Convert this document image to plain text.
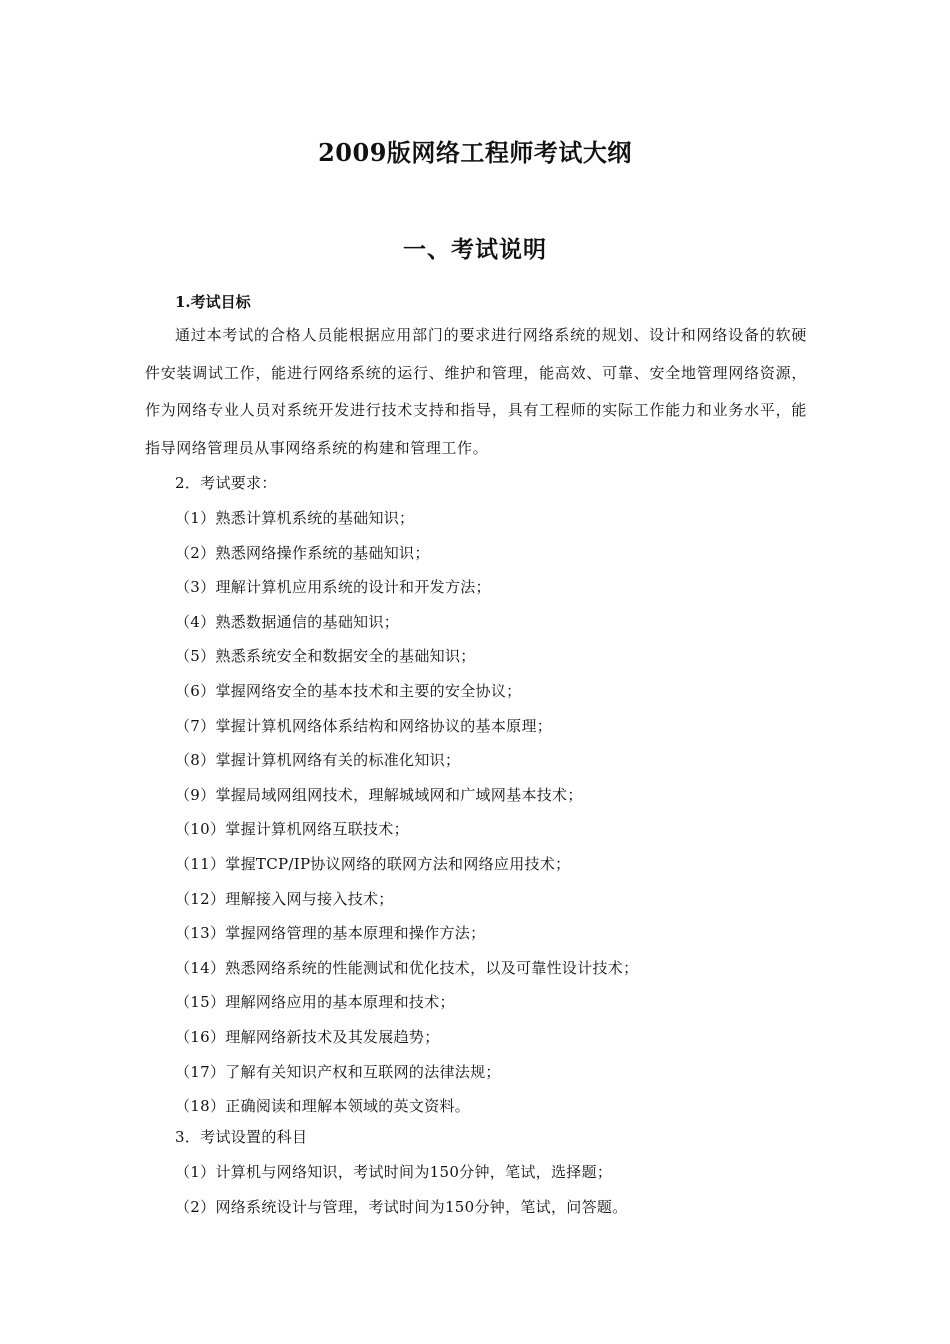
2009版网络工程师考试大纲
一、考试说明
1.考试目标
通过本考试的合格人员能根据应用部门的要求进行网络系统的规划、设计和网络设备的软硬件安装调试工作，能进行网络系统的运行、维护和管理，能高效、可靠、安全地管理网络资源，作为网络专业人员对系统开发进行技术支持和指导，具有工程师的实际工作能力和业务水平，能指导网络管理员从事网络系统的构建和管理工作。
2．考试要求：
（1）熟悉计算机系统的基础知识；
（2）熟悉网络操作系统的基础知识；
（3）理解计算机应用系统的设计和开发方法；
（4）熟悉数据通信的基础知识；
（5）熟悉系统安全和数据安全的基础知识；
（6）掌握网络安全的基本技术和主要的安全协议；
（7）掌握计算机网络体系结构和网络协议的基本原理；
（8）掌握计算机网络有关的标准化知识；
（9）掌握局域网组网技术，理解城域网和广域网基本技术；
（10）掌握计算机网络互联技术；
（11）掌握TCP/IP协议网络的联网方法和网络应用技术；
（12）理解接入网与接入技术；
（13）掌握网络管理的基本原理和操作方法；
（14）熟悉网络系统的性能测试和优化技术，以及可靠性设计技术；
（15）理解网络应用的基本原理和技术；
（16）理解网络新技术及其发展趋势；
（17）了解有关知识产权和互联网的法律法规；
（18）正确阅读和理解本领域的英文资料。
3．考试设置的科目
（1）计算机与网络知识，考试时间为150分钟，笔试，选择题；
（2）网络系统设计与管理，考试时间为150分钟，笔试，问答题。
